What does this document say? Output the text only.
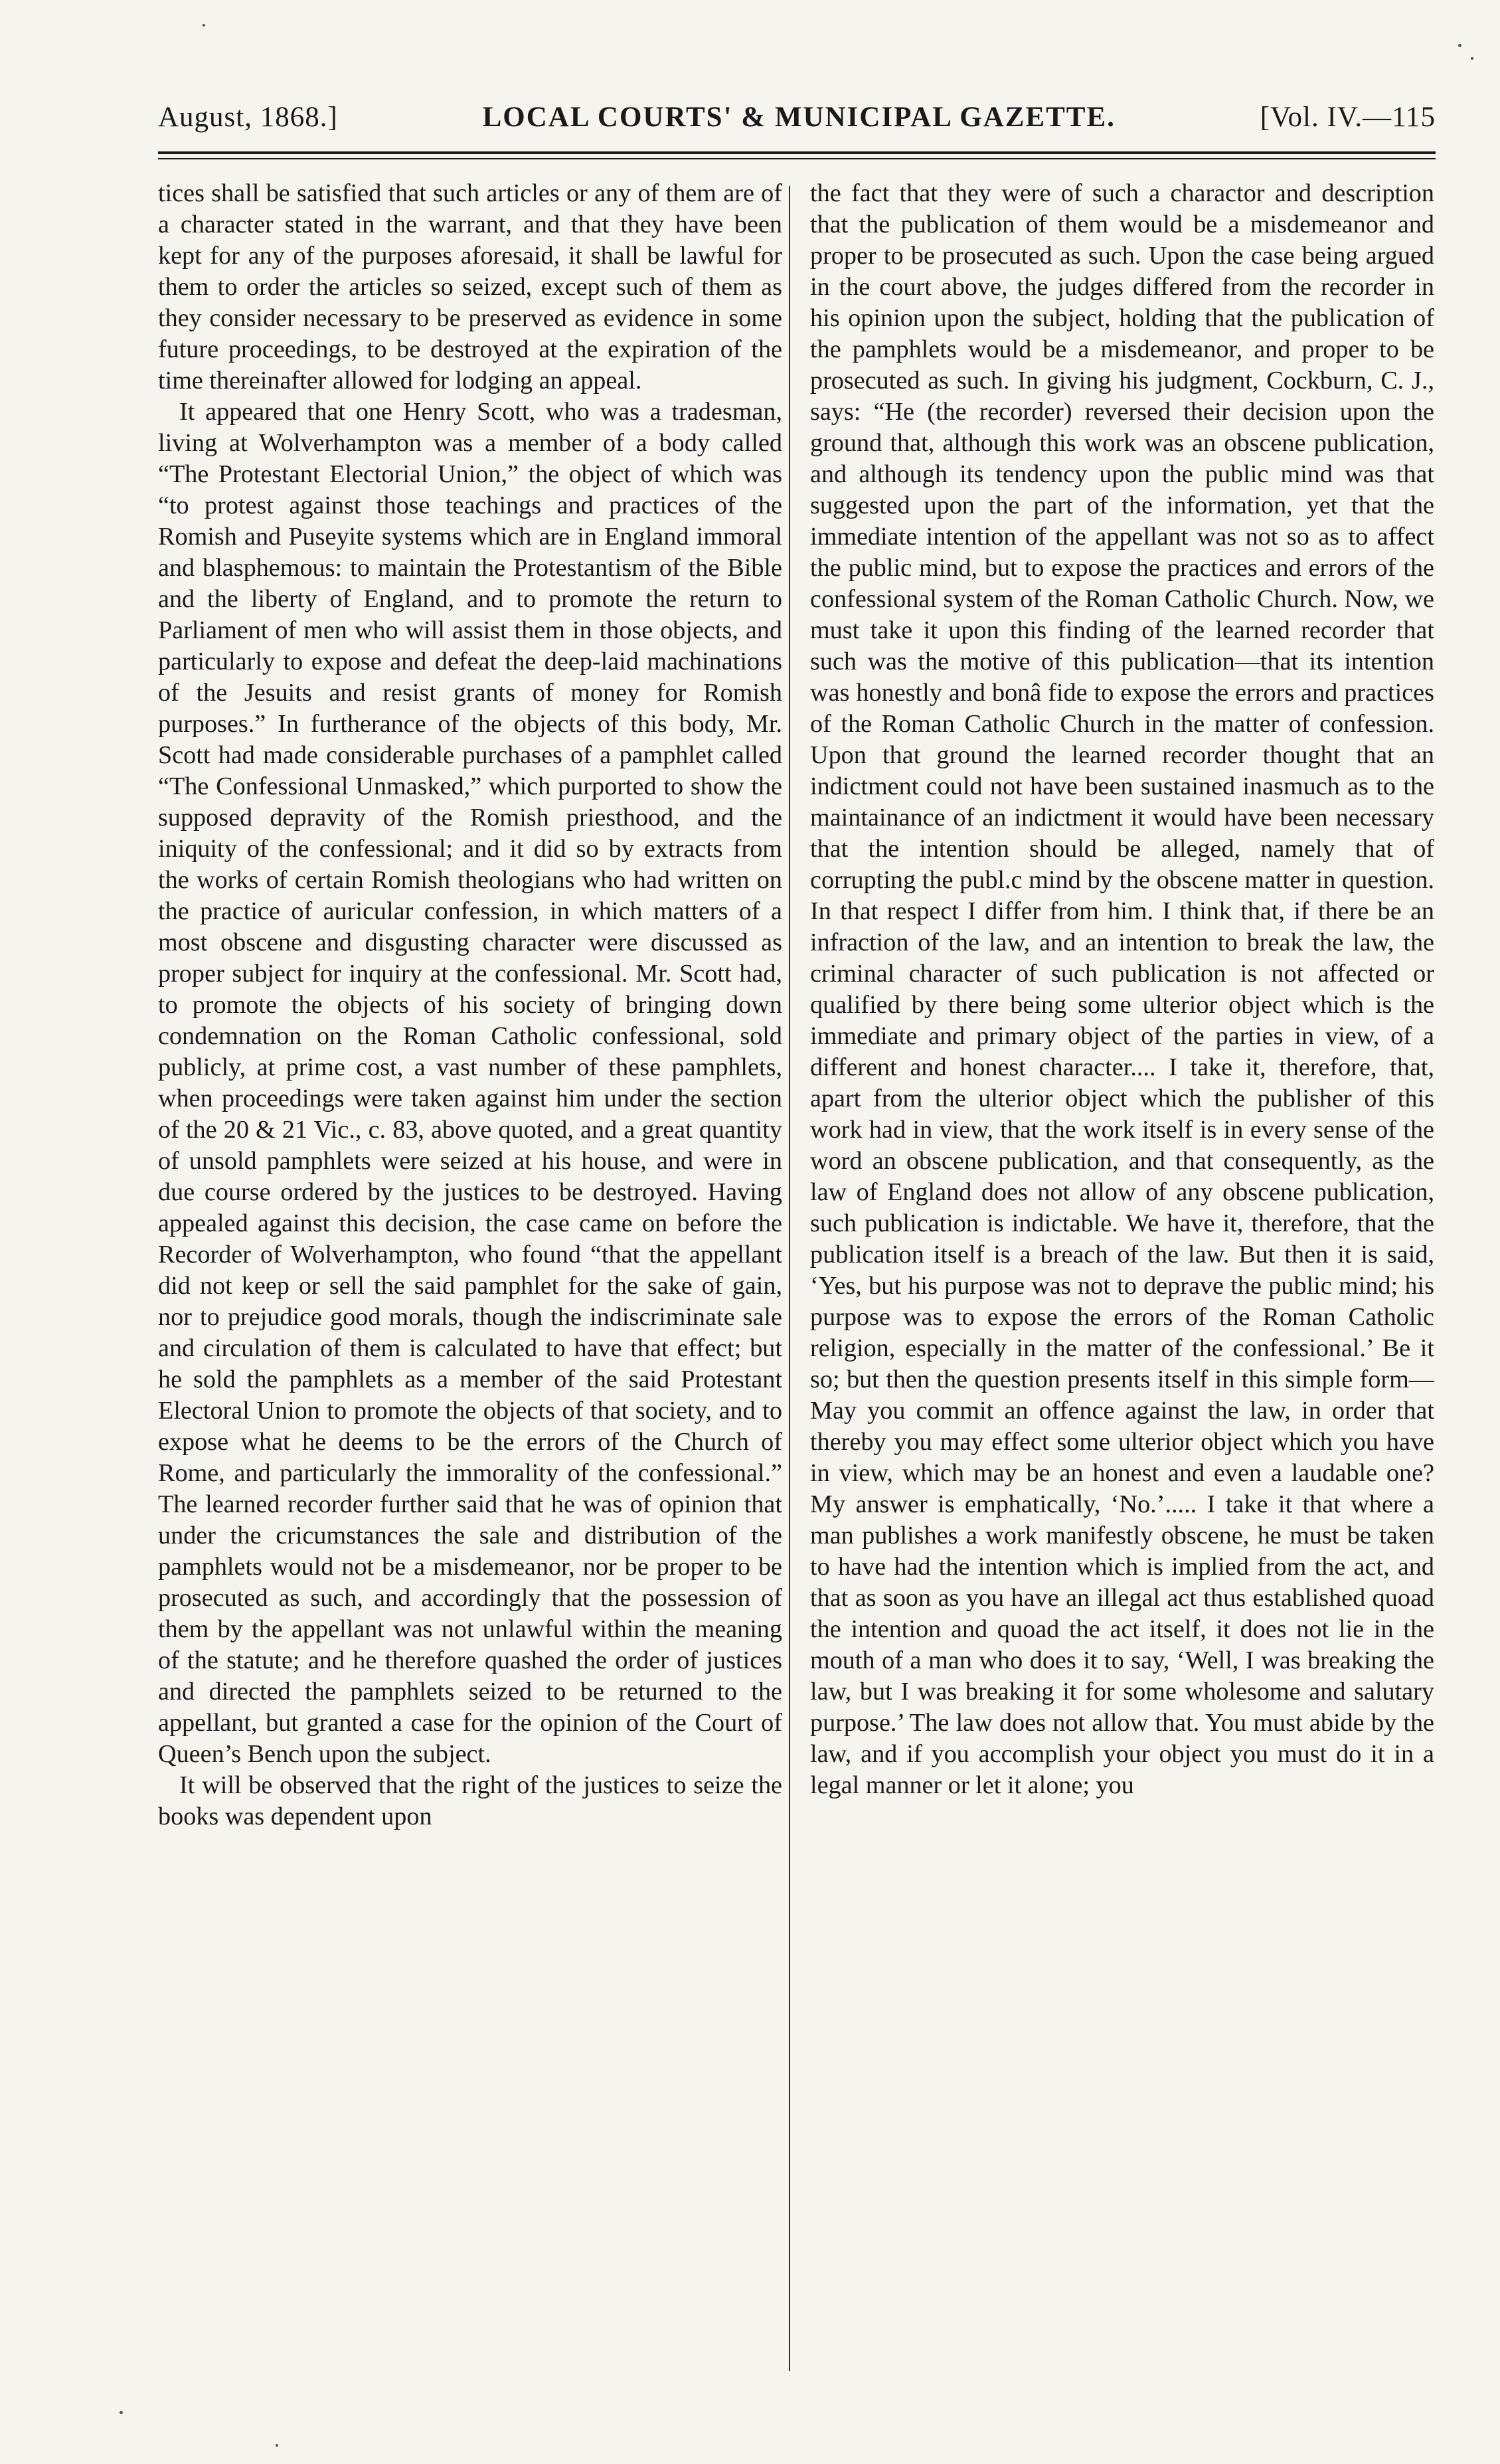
August, 1868.]	LOCAL COURTS' & MUNICIPAL GAZETTE.	[Vol. IV.—115

tices shall be satisfied that such articles or any of them are of a character stated in the warrant, and that they have been kept for any of the purposes aforesaid, it shall be lawful for them to order the articles so seized, except such of them as they consider necessary to be preserved as evidence in some future proceedings, to be destroyed at the expiration of the time thereinafter allowed for lodging an appeal.

It appeared that one Henry Scott, who was a tradesman, living at Wolverhampton was a member of a body called “The Protestant Electorial Union,” the object of which was “to protest against those teachings and practices of the Romish and Puseyite systems which are in England immoral and blasphemous: to maintain the Protestantism of the Bible and the liberty of England, and to promote the return to Parliament of men who will assist them in those objects, and particularly to expose and defeat the deep-laid machinations of the Jesuits and resist grants of money for Romish purposes.” In furtherance of the objects of this body, Mr. Scott had made considerable purchases of a pamphlet called “The Confessional Unmasked,” which purported to show the supposed depravity of the Romish priesthood, and the iniquity of the confessional; and it did so by extracts from the works of certain Romish theologians who had written on the practice of auricular confession, in which matters of a most obscene and disgusting character were discussed as proper subject for inquiry at the confessional. Mr. Scott had, to promote the objects of his society of bringing down condemnation on the Roman Catholic confessional, sold publicly, at prime cost, a vast number of these pamphlets, when proceedings were taken against him under the section of the 20 & 21 Vic., c. 83, above quoted, and a great quantity of unsold pamphlets were seized at his house, and were in due course ordered by the justices to be destroyed. Having appealed against this decision, the case came on before the Recorder of Wolverhampton, who found “that the appellant did not keep or sell the said pamphlet for the sake of gain, nor to prejudice good morals, though the indiscriminate sale and circulation of them is calculated to have that effect; but he sold the pamphlets as a member of the said Protestant Electoral Union to promote the objects of that society, and to expose what he deems to be the errors of the Church of Rome, and particularly the immorality of the confessional.” The learned recorder further said that he was of opinion that under the cricumstances the sale and distribution of the pamphlets would not be a misdemeanor, nor be proper to be prosecuted as such, and accordingly that the possession of them by the appellant was not unlawful within the meaning of the statute; and he therefore quashed the order of justices and directed the pamphlets seized to be returned to the appellant, but granted a case for the opinion of the Court of Queen’s Bench upon the subject.

It will be observed that the right of the justices to seize the books was dependent upon

the fact that they were of such a charactor and description that the publication of them would be a misdemeanor and proper to be prosecuted as such. Upon the case being argued in the court above, the judges differed from the recorder in his opinion upon the subject, holding that the publication of the pamphlets would be a misdemeanor, and proper to be prosecuted as such. In giving his judgment, Cockburn, C. J., says: “He (the recorder) reversed their decision upon the ground that, although this work was an obscene publication, and although its tendency upon the public mind was that suggested upon the part of the information, yet that the immediate intention of the appellant was not so as to affect the public mind, but to expose the practices and errors of the confessional system of the Roman Catholic Church. Now, we must take it upon this finding of the learned recorder that such was the motive of this publication—that its intention was honestly and bonâ fide to expose the errors and practices of the Roman Catholic Church in the matter of confession. Upon that ground the learned recorder thought that an indictment could not have been sustained inasmuch as to the maintainance of an indictment it would have been necessary that the intention should be alleged, namely that of corrupting the publ.c mind by the obscene matter in question. In that respect I differ from him. I think that, if there be an infraction of the law, and an intention to break the law, the criminal character of such publication is not affected or qualified by there being some ulterior object which is the immediate and primary object of the parties in view, of a different and honest character.... I take it, therefore, that, apart from the ulterior object which the publisher of this work had in view, that the work itself is in every sense of the word an obscene publication, and that consequently, as the law of England does not allow of any obscene publication, such publication is indictable. We have it, therefore, that the publication itself is a breach of the law. But then it is said, ‘Yes, but his purpose was not to deprave the public mind; his purpose was to expose the errors of the Roman Catholic religion, especially in the matter of the confessional.’ Be it so; but then the question presents itself in this simple form—May you commit an offence against the law, in order that thereby you may effect some ulterior object which you have in view, which may be an honest and even a laudable one? My answer is emphatically, ‘No.’..... I take it that where a man publishes a work manifestly obscene, he must be taken to have had the intention which is implied from the act, and that as soon as you have an illegal act thus established quoad the intention and quoad the act itself, it does not lie in the mouth of a man who does it to say, ‘Well, I was breaking the law, but I was breaking it for some wholesome and salutary purpose.’ The law does not allow that. You must abide by the law, and if you accomplish your object you must do it in a legal manner or let it alone; you
